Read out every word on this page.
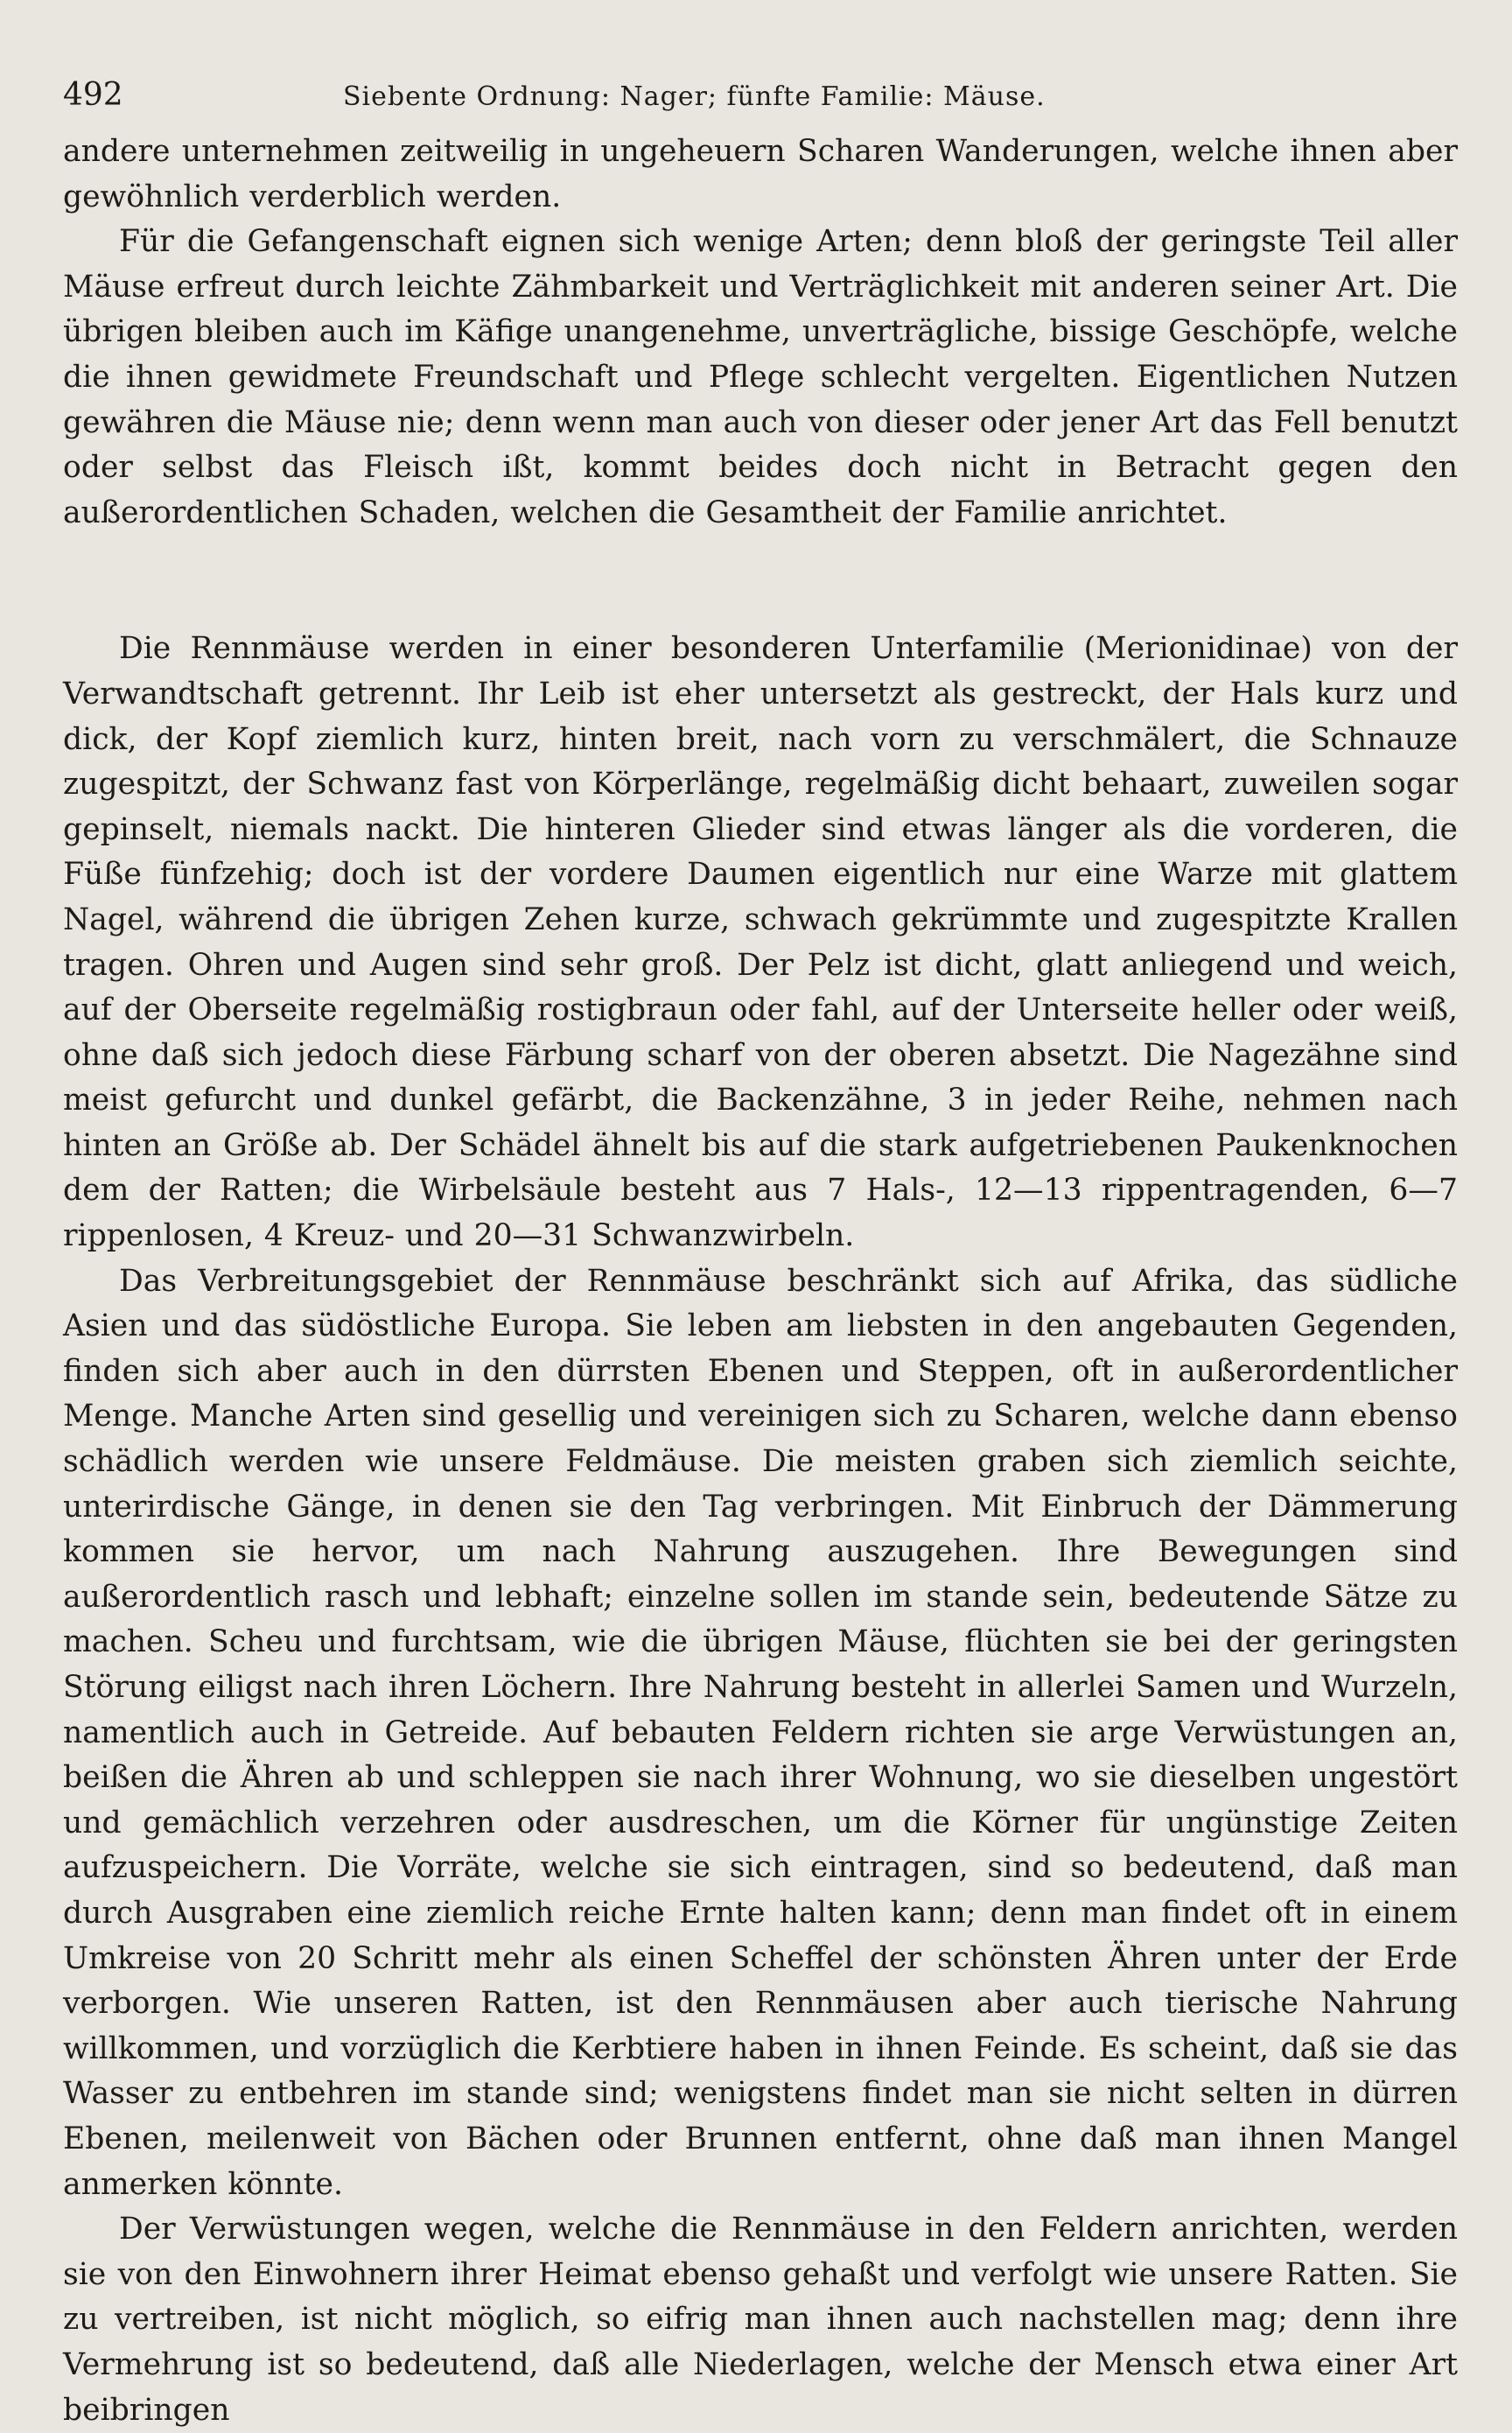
492	Siebente Ordnung: Nager; fünfte Familie: Mäuse.

andere unternehmen zeitweilig in ungeheuern Scharen Wanderungen, welche ihnen aber gewöhnlich verderblich werden.

Für die Gefangenschaft eignen sich wenige Arten; denn bloß der geringste Teil aller Mäuse erfreut durch leichte Zähmbarkeit und Verträglichkeit mit anderen seiner Art. Die übrigen bleiben auch im Käfige unangenehme, unverträgliche, bissige Geschöpfe, welche die ihnen gewidmete Freundschaft und Pflege schlecht vergelten. Eigentlichen Nutzen gewähren die Mäuse nie; denn wenn man auch von dieser oder jener Art das Fell benutzt oder selbst das Fleisch ißt, kommt beides doch nicht in Betracht gegen den außerordentlichen Schaden, welchen die Gesamtheit der Familie anrichtet.

Die Rennmäuse werden in einer besonderen Unterfamilie (Merionidinae) von der Verwandtschaft getrennt. Ihr Leib ist eher untersetzt als gestreckt, der Hals kurz und dick, der Kopf ziemlich kurz, hinten breit, nach vorn zu verschmälert, die Schnauze zugespitzt, der Schwanz fast von Körperlänge, regelmäßig dicht behaart, zuweilen sogar gepinselt, niemals nackt. Die hinteren Glieder sind etwas länger als die vorderen, die Füße fünfzehig; doch ist der vordere Daumen eigentlich nur eine Warze mit glattem Nagel, während die übrigen Zehen kurze, schwach gekrümmte und zugespitzte Krallen tragen. Ohren und Augen sind sehr groß. Der Pelz ist dicht, glatt anliegend und weich, auf der Oberseite regelmäßig rostigbraun oder fahl, auf der Unterseite heller oder weiß, ohne daß sich jedoch diese Färbung scharf von der oberen absetzt. Die Nagezähne sind meist gefurcht und dunkel gefärbt, die Backenzähne, 3 in jeder Reihe, nehmen nach hinten an Größe ab. Der Schädel ähnelt bis auf die stark aufgetriebenen Paukenknochen dem der Ratten; die Wirbelsäule besteht aus 7 Hals-, 12—13 rippentragenden, 6—7 rippenlosen, 4 Kreuz- und 20—31 Schwanzwirbeln.

Das Verbreitungsgebiet der Rennmäuse beschränkt sich auf Afrika, das südliche Asien und das südöstliche Europa. Sie leben am liebsten in den angebauten Gegenden, finden sich aber auch in den dürrsten Ebenen und Steppen, oft in außerordentlicher Menge. Manche Arten sind gesellig und vereinigen sich zu Scharen, welche dann ebenso schädlich werden wie unsere Feldmäuse. Die meisten graben sich ziemlich seichte, unterirdische Gänge, in denen sie den Tag verbringen. Mit Einbruch der Dämmerung kommen sie hervor, um nach Nahrung auszugehen. Ihre Bewegungen sind außerordentlich rasch und lebhaft; einzelne sollen im stande sein, bedeutende Sätze zu machen. Scheu und furchtsam, wie die übrigen Mäuse, flüchten sie bei der geringsten Störung eiligst nach ihren Löchern. Ihre Nahrung besteht in allerlei Samen und Wurzeln, namentlich auch in Getreide. Auf bebauten Feldern richten sie arge Verwüstungen an, beißen die Ähren ab und schleppen sie nach ihrer Wohnung, wo sie dieselben ungestört und gemächlich verzehren oder ausdreschen, um die Körner für ungünstige Zeiten aufzuspeichern. Die Vorräte, welche sie sich eintragen, sind so bedeutend, daß man durch Ausgraben eine ziemlich reiche Ernte halten kann; denn man findet oft in einem Umkreise von 20 Schritt mehr als einen Scheffel der schönsten Ähren unter der Erde verborgen. Wie unseren Ratten, ist den Rennmäusen aber auch tierische Nahrung willkommen, und vorzüglich die Kerbtiere haben in ihnen Feinde. Es scheint, daß sie das Wasser zu entbehren im stande sind; wenigstens findet man sie nicht selten in dürren Ebenen, meilenweit von Bächen oder Brunnen entfernt, ohne daß man ihnen Mangel anmerken könnte.

Der Verwüstungen wegen, welche die Rennmäuse in den Feldern anrichten, werden sie von den Einwohnern ihrer Heimat ebenso gehaßt und verfolgt wie unsere Ratten. Sie zu vertreiben, ist nicht möglich, so eifrig man ihnen auch nachstellen mag; denn ihre Vermehrung ist so bedeutend, daß alle Niederlagen, welche der Mensch etwa einer Art beibringen
